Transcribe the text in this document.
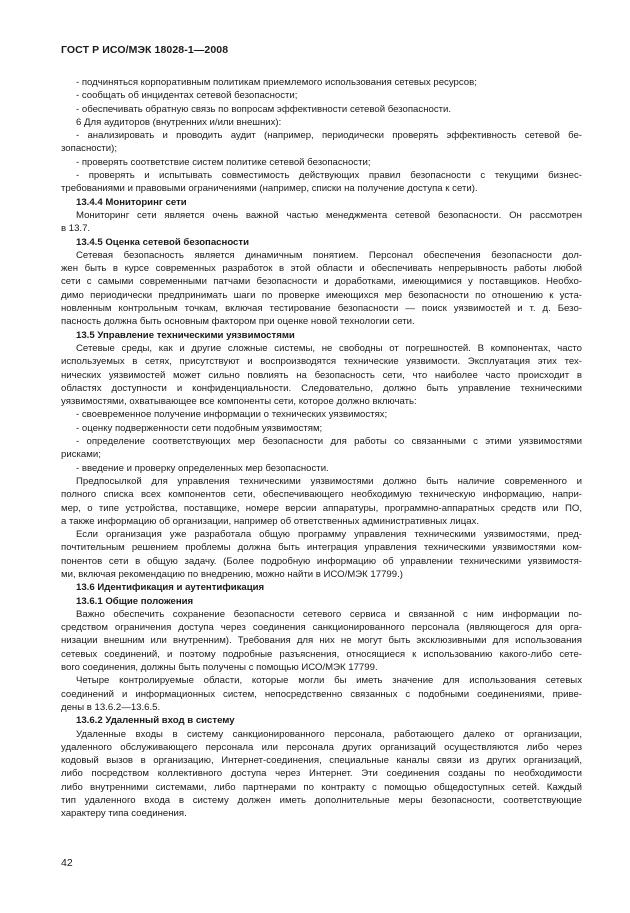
ГОСТ Р ИСО/МЭК 18028-1—2008
- подчиняться корпоративным политикам приемлемого использования сетевых ресурсов;
- сообщать об инцидентах сетевой безопасности;
- обеспечивать обратную связь по вопросам эффективности сетевой безопасности.
6 Для аудиторов (внутренних и/или внешних):
- анализировать и проводить аудит (например, периодически проверять эффективность сетевой бе-
зопасности);
- проверять соответствие систем политике сетевой безопасности;
- проверять и испытывать совместимость действующих правил безопасности с текущими бизнес-
требованиями и правовыми ограничениями (например, списки на получение доступа к сети).
13.4.4 Мониторинг сети
Мониторинг сети является очень важной частью менеджмента сетевой безопасности. Он рассмотрен
в 13.7.
13.4.5 Оценка сетевой безопасности
Сетевая безопасность является динамичным понятием. Персонал обеспечения безопасности дол-
жен быть в курсе современных разработок в этой области и обеспечивать непрерывность работы любой
сети с самыми современными патчами безопасности и доработками, имеющимися у поставщиков. Необхо-
димо периодически предпринимать шаги по проверке имеющихся мер безопасности по отношению к уста-
новленным контрольным точкам, включая тестирование безопасности — поиск уязвимостей и т. д. Безо-
пасность должна быть основным фактором при оценке новой технологии сети.
13.5 Управление техническими уязвимостями
Сетевые среды, как и другие сложные системы, не свободны от погрешностей. В компонентах, часто
используемых в сетях, присутствуют и воспроизводятся технические уязвимости. Эксплуатация этих тех-
нических уязвимостей может сильно повлиять на безопасность сети, что наиболее часто происходит в
областях доступности и конфиденциальности. Следовательно, должно быть управление техническими
уязвимостями, охватывающее все компоненты сети, которое должно включать:
- своевременное получение информации о технических уязвимостях;
- оценку подверженности сети подобным уязвимостям;
- определение соответствующих мер безопасности для работы со связанными с этими уязвимостями
рисками;
- введение и проверку определенных мер безопасности.
Предпосылкой для управления техническими уязвимостями должно быть наличие современного и
полного списка всех компонентов сети, обеспечивающего необходимую техническую информацию, напри-
мер, о типе устройства, поставщике, номере версии аппаратуры, программно-аппаратных средств или ПО,
а также информацию об организации, например об ответственных административных лицах.
Если организация уже разработала общую программу управления техническими уязвимостями, пред-
почтительным решением проблемы должна быть интеграция управления техническими уязвимостями ком-
понентов сети в общую задачу. (Более подробную информацию об управлении техническими уязвимостя-
ми, включая рекомендацию по внедрению, можно найти в ИСО/МЭК 17799.)
13.6 Идентификация и аутентификация
13.6.1 Общие положения
Важно обеспечить сохранение безопасности сетевого сервиса и связанной с ним информации по-
средством ограничения доступа через соединения санкционированного персонала (являющегося для орга-
низации внешним или внутренним). Требования для них не могут быть эксклюзивными для использования
сетевых соединений, и поэтому подробные разъяснения, относящиеся к использованию какого-либо сете-
вого соединения, должны быть получены с помощью ИСО/МЭК 17799.
Четыре контролируемые области, которые могли бы иметь значение для использования сетевых
соединений и информационных систем, непосредственно связанных с подобными соединениями, приве-
дены в 13.6.2—13.6.5.
13.6.2 Удаленный вход в систему
Удаленные входы в систему санкционированного персонала, работающего далеко от организации,
удаленного обслуживающего персонала или персонала других организаций осуществляются либо через
кодовый вызов в организацию, Интернет-соединения, специальные каналы связи из других организаций,
либо посредством коллективного доступа через Интернет. Эти соединения созданы по необходимости
либо внутренними системами, либо партнерами по контракту с помощью общедоступных сетей. Каждый
тип удаленного входа в систему должен иметь дополнительные меры безопасности, соответствующие
характеру типа соединения.
42
